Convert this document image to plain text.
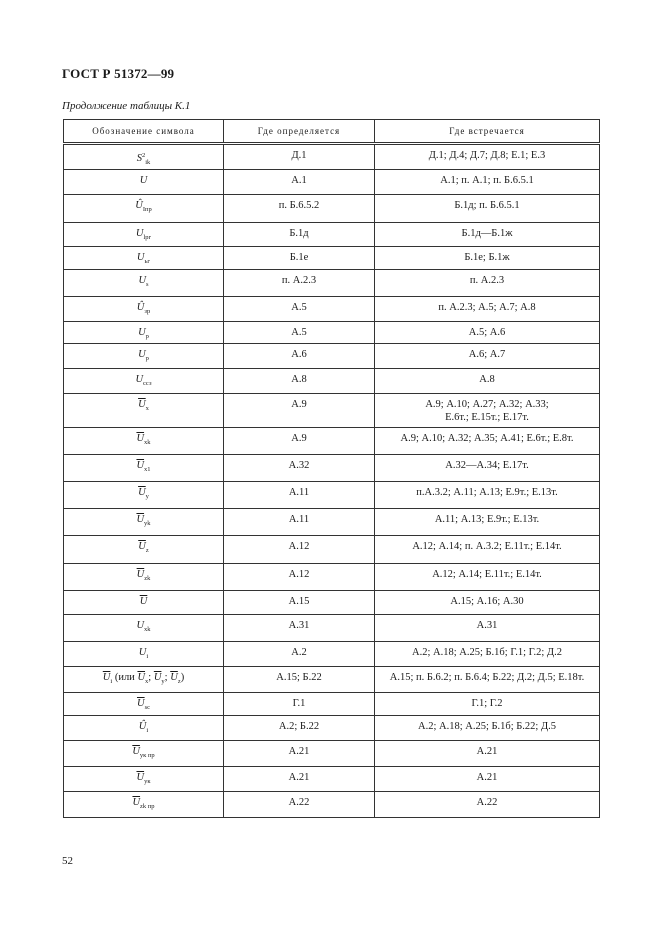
ГОСТ Р 51372—99
Продолжение таблицы К.1
Обозначение символа	Где определяется	Где встречается
$S^2_{ik}$	Д.1	Д.1; Д.4; Д.7; Д.8; Е.1; Е.3
U	А.1	А.1; п. А.1; п. Б.6.5.1
$Û_{Iпр}$	п. Б.6.5.2	Б.1д; п. Б.6.5.1
$U_{lрг}$	Б.1д	Б.1д—Б.1ж
$U_{ьг}$	Б.1е	Б.1е; Б.1ж
$U_s$	п. А.2.3	п. А.2.3
$Û_{зр}$	А.5	п. А.2.3; А.5; А.7; А.8
$U_р$	А.5	А.5; А.6
$U_р$	А.6	А.6; А.7
$U_{ссз}$	А.8	А.8
$\overline{U}_x$	А.9	А.9; А.10; А.27; А.32; А.33;
Е.6т.; Е.15т.; Е.17т.
$\overline{U}_{xk}$	А.9	А.9; А.10; А.32; А.35; А.41; Е.6т.; Е.8т.
$\overline{U}_{x1}$	А.32	А.32—А.34; Е.17т.
$\overline{U}_y$	А.11	п.А.3.2; А.11; А.13; Е.9т.; Е.13т.
$\overline{U}_{yk}$	А.11	А.11; А.13; Е.9т.; Е.13т.
$\overline{U}_z$	А.12	А.12; А.14; п. А.3.2; Е.11т.; Е.14т.
$\overline{U}_{zk}$	А.12	А.12; А.14; Е.11т.; Е.14т.
$\overline{U}$	А.15	А.15; А.16; А.30
$U_{xk}$	А.31	А.31
$U_i$	А.2	А.2; А.18; А.25; Б.1б; Г.1; Г.2; Д.2
$\overline{U}_i$ (или $\overline{U}_x$; $\overline{U}_y$; $\overline{U}_z$)	А.15; Б.22	А.15; п. Б.6.2; п. Б.6.4; Б.22; Д.2; Д.5; Е.18т.
$\overline{U}_{sc}$	Г.1	Г.1; Г.2
$Û_i$	А.2; Б.22	А.2; А.18; А.25; Б.1б; Б.22; Д.5
$\overline{U}_{ук пр}$	А.21	А.21
$\overline{U}_{ук}$	А.21	А.21
$\overline{U}_{zk пр}$	А.22	А.22
52
